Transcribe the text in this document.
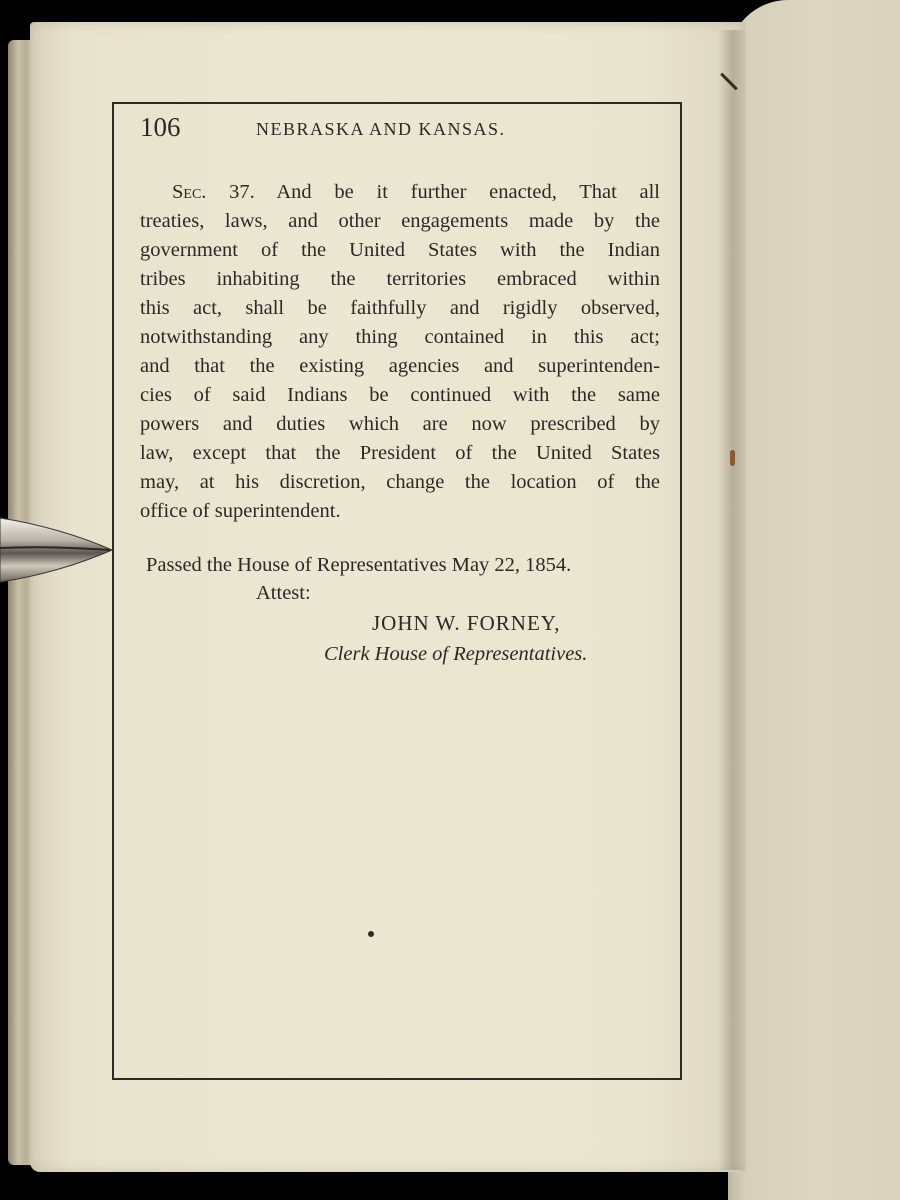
106	NEBRASKA AND KANSAS.
Sec. 37. And be it further enacted, That all
treaties, laws, and other engagements made by the
government of the United States with the Indian
tribes inhabiting the territories embraced within
this act, shall be faithfully and rigidly observed,
notwithstanding any thing contained in this act;
and that the existing agencies and superintenden-
cies of said Indians be continued with the same
powers and duties which are now prescribed by
law, except that the President of the United States
may, at his discretion, change the location of the
office of superintendent.
Passed the House of Representatives May 22, 1854.
Attest:
JOHN W. FORNEY,
Clerk House of Representatives.
